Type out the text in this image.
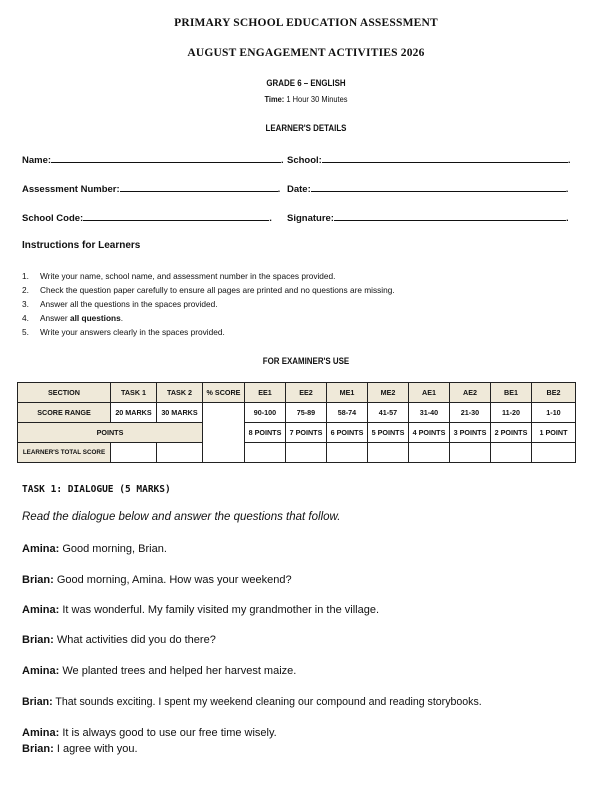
PRIMARY SCHOOL EDUCATION ASSESSMENT
AUGUST ENGAGEMENT ACTIVITIES 2026
GRADE 6 – ENGLISH
Time: 1 Hour 30 Minutes
LEARNER'S DETAILS
Name:	. School:	.
Assessment Number:	. Date:	.
School Code:	. Signature:	.
Instructions for Learners
1. Write your name, school name, and assessment number in the spaces provided.
2. Check the question paper carefully to ensure all pages are printed and no questions are missing.
3. Answer all the questions in the spaces provided.
4. Answer all questions.
5. Write your answers clearly in the spaces provided.
FOR EXAMINER'S USE
SECTION	TASK 1	TASK 2	% SCORE	EE1	EE2	ME1	ME2	AE1	AE2	BE1	BE2
SCORE RANGE	20 MARKS	30 MARKS		90-100	75-89	58-74	41-57	31-40	21-30	11-20	1-10
POINTS				8 POINTS	7 POINTS	6 POINTS	5 POINTS	4 POINTS	3 POINTS	2 POINTS	1 POINT
LEARNER'S TOTAL SCORE											
TASK 1: DIALOGUE (5 MARKS)
Read the dialogue below and answer the questions that follow.
Amina: Good morning, Brian.
Brian: Good morning, Amina. How was your weekend?
Amina: It was wonderful. My family visited my grandmother in the village.
Brian: What activities did you do there?
Amina: We planted trees and helped her harvest maize.
Brian: That sounds exciting. I spent my weekend cleaning our compound and reading storybooks.
Amina: It is always good to use our free time wisely.
Brian: I agree with you.
